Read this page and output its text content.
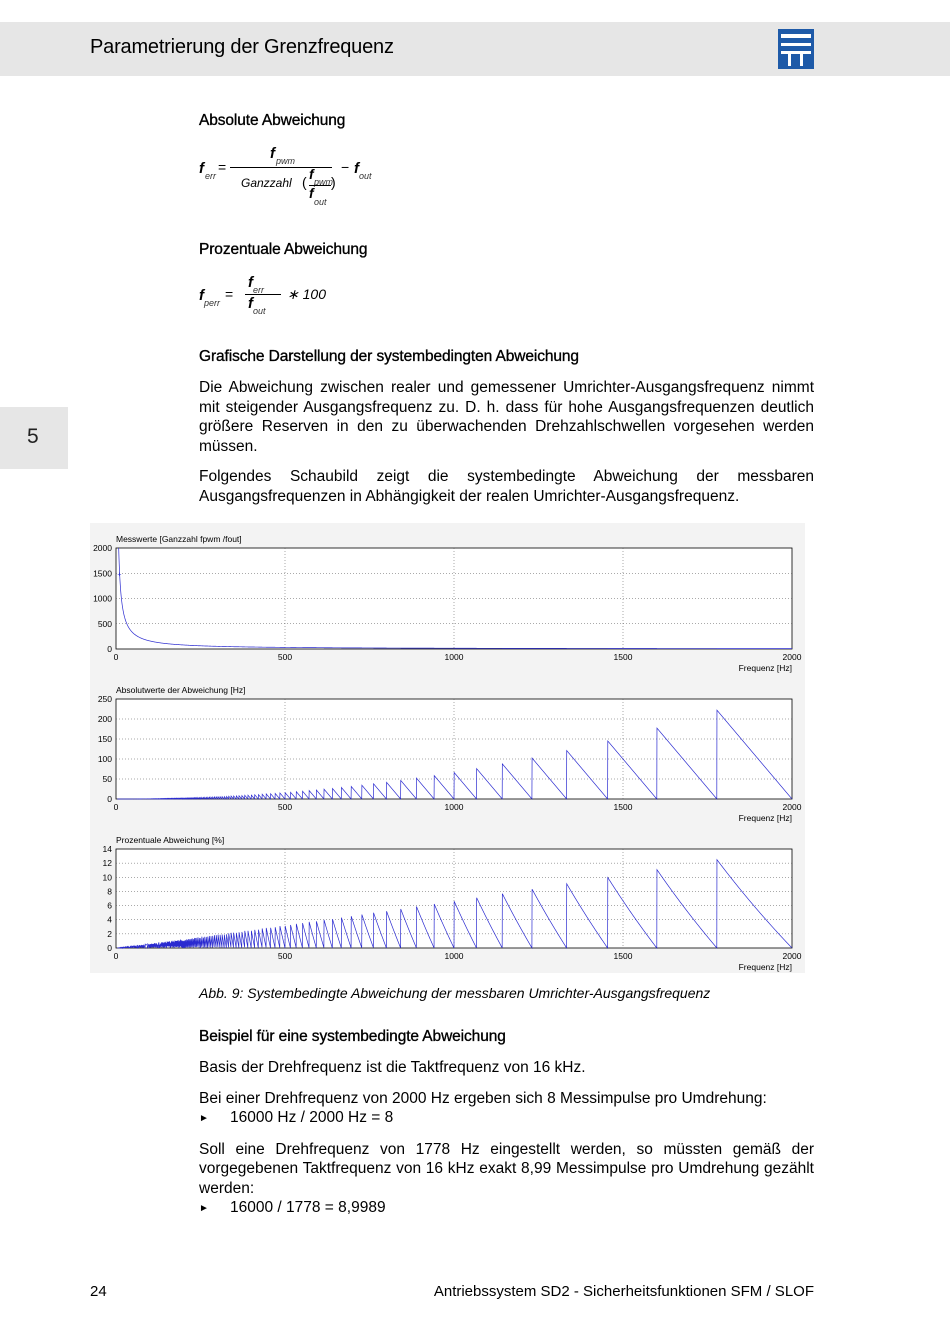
Parametrierung der Grenzfrequenz
5
Absolute Abweichung
f err
=
f pwm
Ganzzahl ( f pwm
f
out
)
− f out
Prozentuale Abweichung
f perr
=
f err
f out
∗ 100
Grafische Darstellung der systembedingten Abweichung

Die Abweichung zwischen realer und gemessener Umrichter-Ausgangsfrequenz nimmt mit steigender Ausgangsfrequenz zu. D. h. dass für hohe Ausgangsfrequenzen deutlich größere Reserven in den zu überwachenden Drehzahlschwellen vorgesehen werden müssen.

Folgendes Schaubild zeigt die systembedingte Abweichung der messbaren Ausgangsfrequenzen in Abhängigkeit der realen Umrichter-Ausgangsfrequenz.

Messwerte [Ganzzahl fpwm /fout]
0
500
1000
1500
2000
0	500	1000	1500	2000
Frequenz [Hz]
+
Absolutwerte der Abweichung [Hz]
0
50
100
150
200
250
0	500	1000	1500	2000
Frequenz [Hz]
Prozentuale Abweichung [%]
0
2
4
6
8
10
12
14
0	500	1000	1500	2000
Frequenz [Hz]
Abb. 9: Systembedingte Abweichung der messbaren Umrichter-Ausgangsfrequenz
Beispiel für eine systembedingte Abweichung

Basis der Drehfrequenz ist die Taktfrequenz von 16 kHz.

Bei einer Drehfrequenz von 2000 Hz ergeben sich 8 Messimpulse pro Umdrehung:

► 16000 Hz / 2000 Hz = 8

Soll eine Drehfrequenz von 1778 Hz eingestellt werden, so müssten gemäß der vorgegebenen Taktfrequenz von 16 kHz exakt 8,99 Messimpulse pro Umdrehung gezählt werden:

► 16000 / 1778 = 8,9989
24	Antriebssystem SD2 - Sicherheitsfunktionen SFM / SLOF
